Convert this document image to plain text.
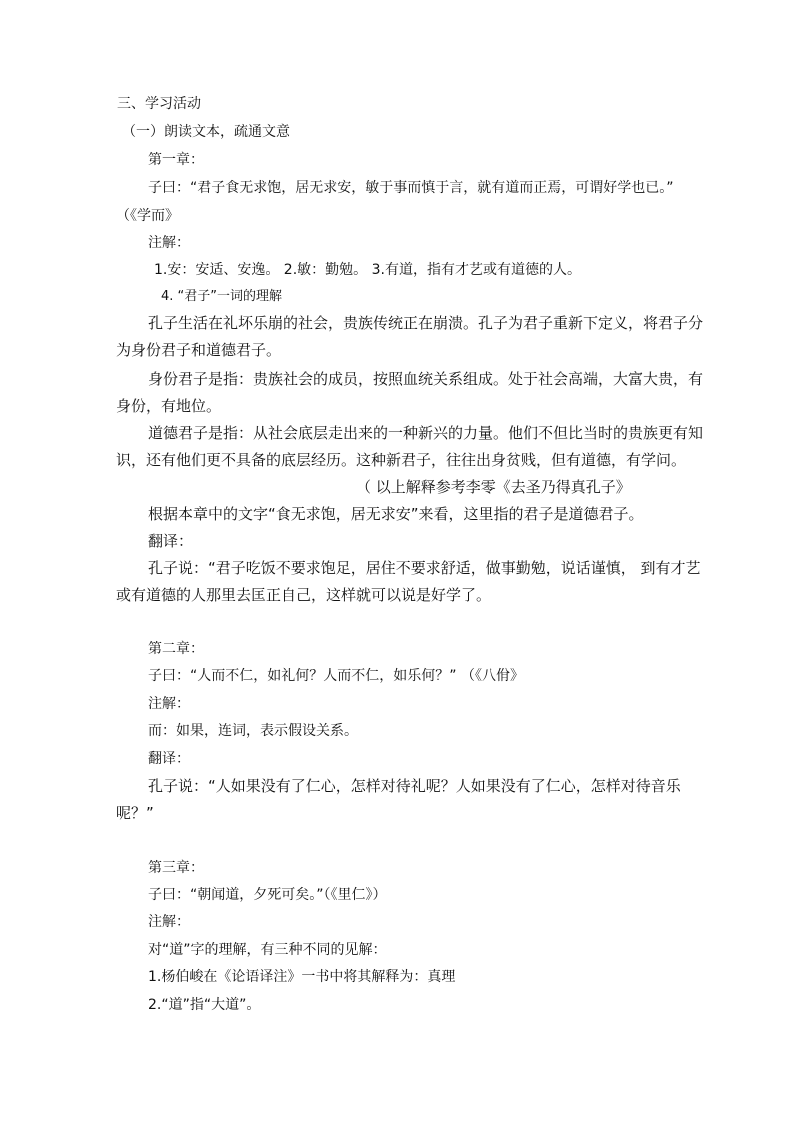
三、学习活动
（一）朗读文本，疏通文意
第一章：
子曰：“君子食无求饱，居无求安，敏于事而慎于言，就有道而正焉，可谓好学也已。”
（《学而》
注解：
1.安：安适、安逸。 2.敏：勤勉。 3.有道，指有才艺或有道德的人。
4. “君子”一词的理解
孔子生活在礼坏乐崩的社会，贵族传统正在崩溃。孔子为君子重新下定义，将君子分
为身份君子和道德君子。
身份君子是指：贵族社会的成员，按照血统关系组成。处于社会高端，大富大贵，有
身份，有地位。
道德君子是指：从社会底层走出来的一种新兴的力量。他们不但比当时的贵族更有知
识，还有他们更不具备的底层经历。这种新君子，往往出身贫贱，但有道德，有学问。
（ 以上解释参考李零《去圣乃得真孔子》
根据本章中的文字“食无求饱，居无求安”来看，这里指的君子是道德君子。
翻译：
孔子说：“君子吃饭不要求饱足，居住不要求舒适，做事勤勉，说话谨慎， 到有才艺
或有道德的人那里去匡正自己，这样就可以说是好学了。
第二章：
子曰：“人而不仁，如礼何？人而不仁，如乐何？” （《八佾》
注解：
而：如果，连词，表示假设关系。
翻译：
孔子说：“人如果没有了仁心，怎样对待礼呢？人如果没有了仁心，怎样对待音乐
呢？”
第三章：
子曰：“朝闻道，夕死可矣。”（《里仁》）
注解：
对“道”字的理解，有三种不同的见解：
1.杨伯峻在《论语译注》一书中将其解释为：真理
2.“道”指“大道”。
